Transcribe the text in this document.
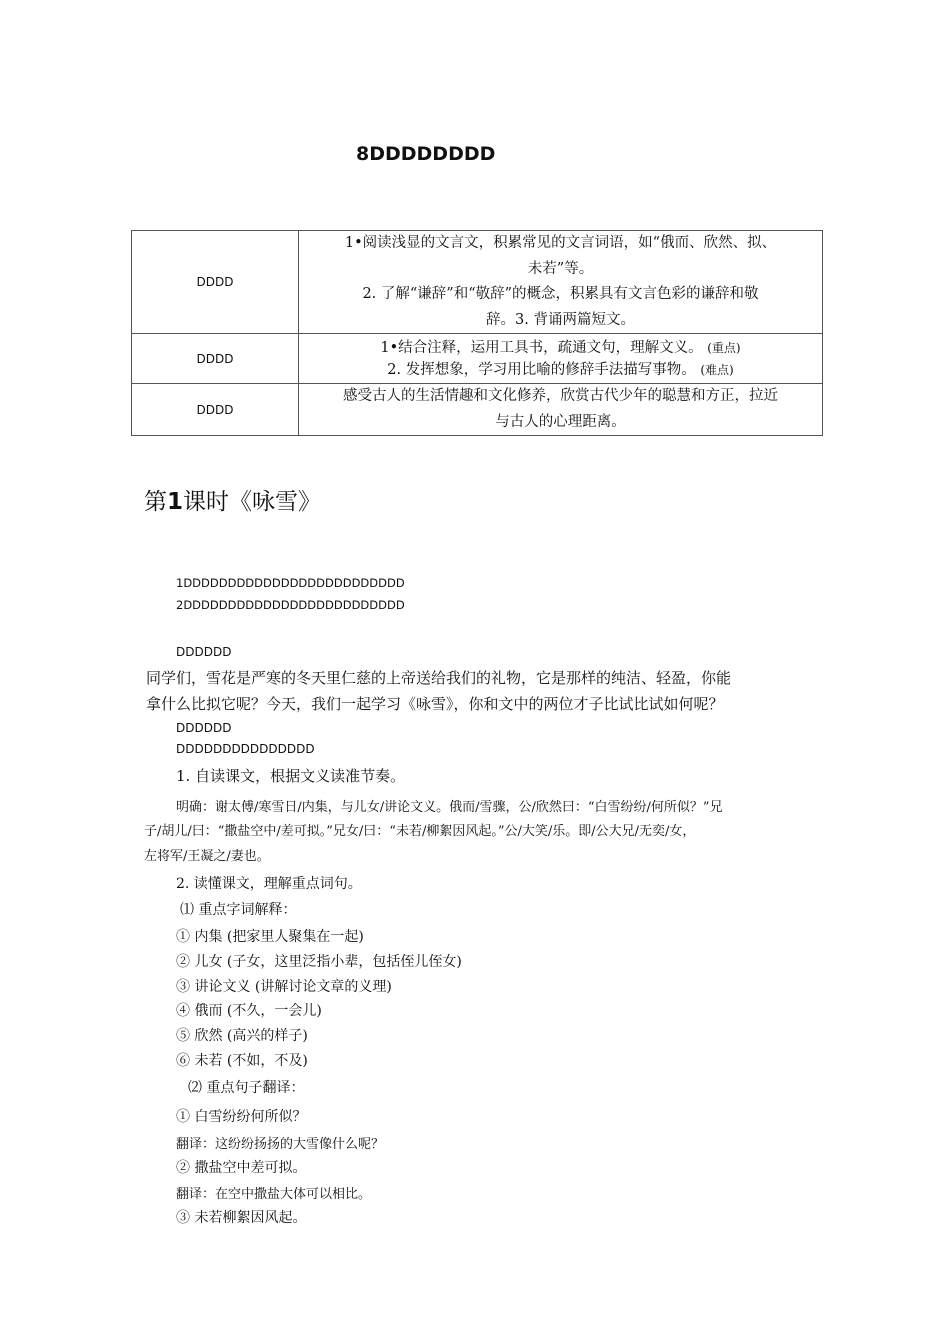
8DDDDDDDD
DDDD	1•阅读浅显的文言文，积累常见的文言词语，如“俄而、欣然、拟、
未若”等。
2. 了解“谦辞”和“敬辞”的概念，积累具有文言色彩的谦辞和敬
辞。3. 背诵两篇短文。

DDDD	1•结合注释，运用工具书，疏通文句，理解文义。 (重点)
2. 发挥想象，学习用比喻的修辞手法描写事物。 (难点)

DDDD	感受古人的生活情趣和文化修养，欣赏古代少年的聪慧和方正，拉近
与古人的心理距离。
第1课时《咏雪》
1DDDDDDDDDDDDDDDDDDDDDDDDD
2DDDDDDDDDDDDDDDDDDDDDDDDD
DDDDDD
同学们，雪花是严寒的冬天里仁慈的上帝送给我们的礼物，它是那样的纯洁、轻盈，你能
拿什么比拟它呢？今天，我们一起学习《咏雪》，你和文中的两位才子比试比试如何呢？
DDDDDD
DDDDDDDDDDDDDDD
1. 自读课文，根据文义读准节奏。
明确：谢太傅/寒雪日/内集，与儿女/讲论文义。俄而/雪骤，公/欣然曰：“白雪纷纷/何所似？”兄
子/胡儿/曰：“撒盐空中/差可拟。”兄女/曰：“未若/柳絮因风起。”公/大笑/乐。即/公大兄/无奕/女，
左将军/王凝之/妻也。
2. 读懂课文，理解重点词句。
⑴ 重点字词解释：
① 内集 (把家里人聚集在一起)
② 儿女 (子女，这里泛指小辈，包括侄儿侄女)
③ 讲论文义 (讲解讨论文章的义理)
④ 俄而 (不久，一会儿)
⑤ 欣然 (高兴的样子)
⑥ 未若 (不如，不及)
⑵ 重点句子翻译：
① 白雪纷纷何所似？
翻译：这纷纷扬扬的大雪像什么呢？
② 撒盐空中差可拟。
翻译：在空中撒盐大体可以相比。
③ 未若柳絮因风起。
